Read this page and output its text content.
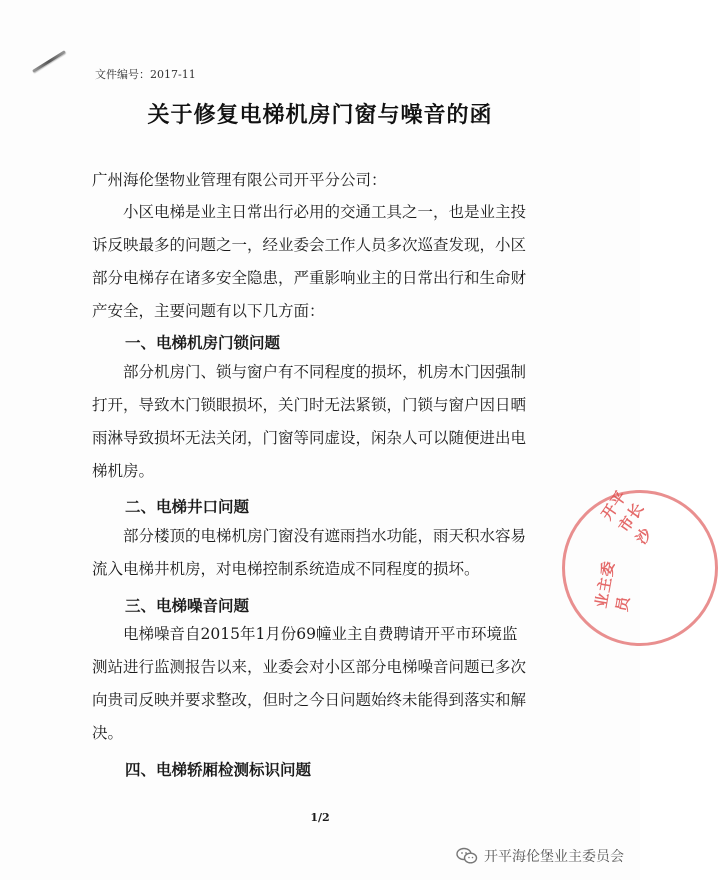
文件编号：2017-11
关于修复电梯机房门窗与噪音的函
广州海伦堡物业管理有限公司开平分公司：
小区电梯是业主日常出行必用的交通工具之一，也是业主投
诉反映最多的问题之一，经业委会工作人员多次巡查发现，小区
部分电梯存在诸多安全隐患，严重影响业主的日常出行和生命财
产安全，主要问题有以下几方面：
一、电梯机房门锁问题
部分机房门、锁与窗户有不同程度的损坏，机房木门因强制
打开，导致木门锁眼损坏，关门时无法紧锁，门锁与窗户因日晒
雨淋导致损坏无法关闭，门窗等同虚设，闲杂人可以随便进出电
梯机房。
二、电梯井口问题
部分楼顶的电梯机房门窗没有遮雨挡水功能，雨天积水容易
流入电梯井机房，对电梯控制系统造成不同程度的损坏。
三、电梯噪音问题
电梯噪音自2015年1月份69幢业主自费聘请开平市环境监
测站进行监测报告以来，业委会对小区部分电梯噪音问题已多次
向贵司反映并要求整改，但时之今日问题始终未能得到落实和解
决。
四、电梯轿厢检测标识问题
1/2
开平市长沙
业主委员
开平海伦堡业主委员会
